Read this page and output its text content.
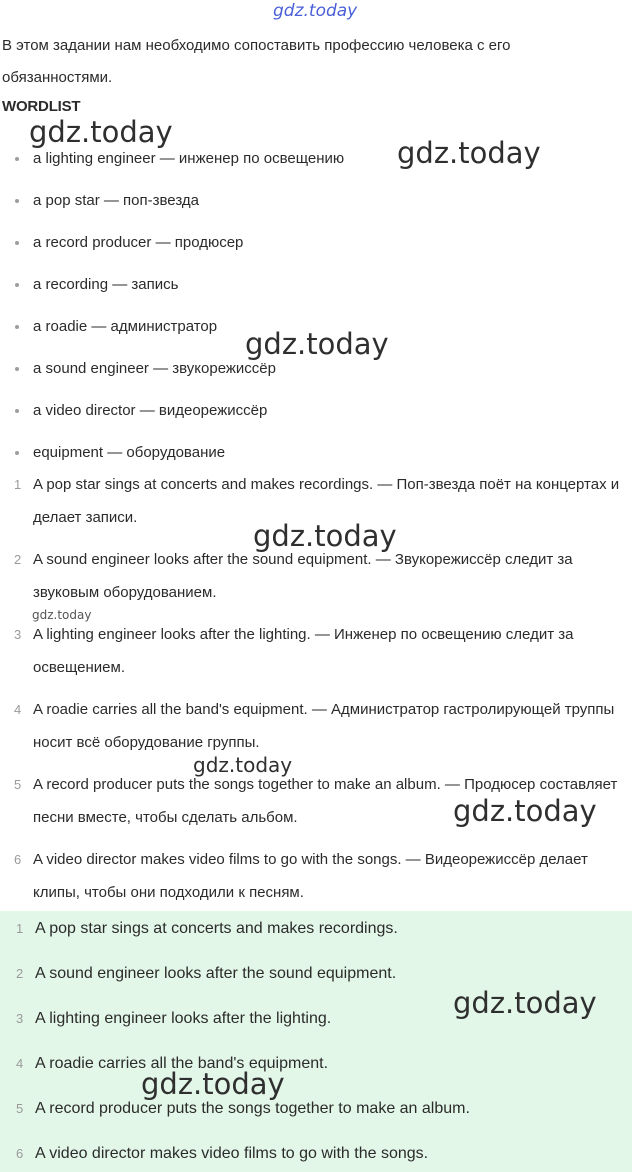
gdz.today

В этом задании нам необходимо сопоставить профессию человека с его обязанностями.

WORDLIST
a lighting engineer — инженер по освещению
a pop star — поп-звезда
a record producer — продюсер
a recording — запись
a roadie — администратор
a sound engineer — звукорежиссёр
a video director — видеорежиссёр
equipment — оборудование
1 A pop star sings at concerts and makes recordings. — Поп-звезда поёт на концертах и делает записи.
2 A sound engineer looks after the sound equipment. — Звукорежиссёр следит за звуковым оборудованием.
3 A lighting engineer looks after the lighting. — Инженер по освещению следит за освещением.
4 A roadie carries all the band's equipment. — Администратор гастролирующей труппы носит всё оборудование группы.
5 A record producer puts the songs together to make an album. — Продюсер составляет песни вместе, чтобы сделать альбом.
6 A video director makes video films to go with the songs. — Видеорежиссёр делает клипы, чтобы они подходили к песням.
1 A pop star sings at concerts and makes recordings.
2 A sound engineer looks after the sound equipment.
3 A lighting engineer looks after the lighting.
4 A roadie carries all the band's equipment.
5 A record producer puts the songs together to make an album.
6 A video director makes video films to go with the songs.
gdz.today
gdz.today
gdz.today
gdz.today
gdz.today
gdz.today
gdz.today
gdz.today
gdz.today
